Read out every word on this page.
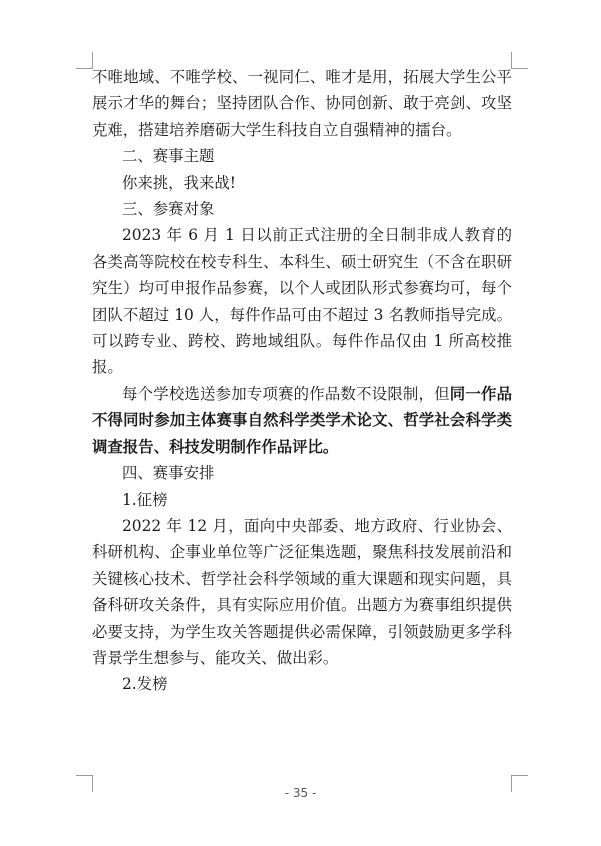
不唯地域、不唯学校、一视同仁、唯才是用，拓展大学生公平展示才华的舞台；坚持团队合作、协同创新、敢于亮剑、攻坚克难，搭建培养磨砺大学生科技自立自强精神的擂台。

二、赛事主题

你来挑，我来战!

三、参赛对象

2023 年 6 月 1 日以前正式注册的全日制非成人教育的各类高等院校在校专科生、本科生、硕士研究生（不含在职研究生）均可申报作品参赛，以个人或团队形式参赛均可，每个团队不超过 10 人，每件作品可由不超过 3 名教师指导完成。可以跨专业、跨校、跨地域组队。每件作品仅由 1 所高校推报。

每个学校选送参加专项赛的作品数不设限制，但同一作品不得同时参加主体赛事自然科学类学术论文、哲学社会科学类调查报告、科技发明制作作品评比。

四、赛事安排

1.征榜

2022 年 12 月，面向中央部委、地方政府、行业协会、科研机构、企事业单位等广泛征集选题，聚焦科技发展前沿和关键核心技术、哲学社会科学领域的重大课题和现实问题，具备科研攻关条件，具有实际应用价值。出题方为赛事组织提供必要支持，为学生攻关答题提供必需保障，引领鼓励更多学科背景学生想参与、能攻关、做出彩。

2.发榜

- 35 -
